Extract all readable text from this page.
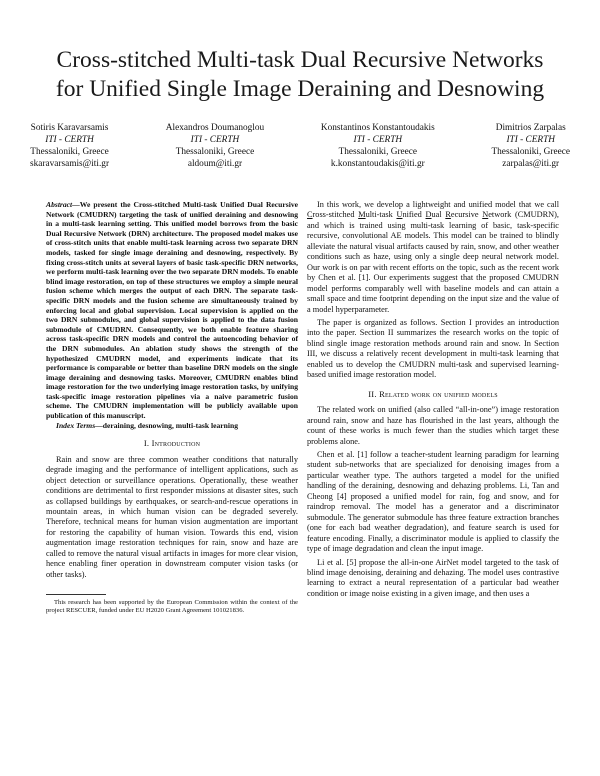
Cross-stitched Multi-task Dual Recursive Networks
for Unified Single Image Deraining and Desnowing
Sotiris Karavarsamis
ITI - CERTH
Thessaloniki, Greece
skaravarsamis@iti.gr
Alexandros Doumanoglou
ITI - CERTH
Thessaloniki, Greece
aldoum@iti.gr
Konstantinos Konstantoudakis
ITI - CERTH
Thessaloniki, Greece
k.konstantoudakis@iti.gr
Dimitrios Zarpalas
ITI - CERTH
Thessaloniki, Greece
zarpalas@iti.gr
Abstract—We present the Cross-stitched Multi-task Unified Dual Recursive Network (CMUDRN) targeting the task of unified deraining and desnowing in a multi-task learning setting. This unified model borrows from the basic Dual Recursive Network (DRN) architecture. The proposed model makes use of cross-stitch units that enable multi-task learning across two separate DRN models, tasked for single image deraining and desnowing, respectively. By fixing cross-stitch units at several layers of basic task-specific DRN networks, we perform multi-task learning over the two separate DRN models. To enable blind image restoration, on top of these structures we employ a simple neural fusion scheme which merges the output of each DRN. The separate task-specific DRN models and the fusion scheme are simultaneously trained by enforcing local and global supervision. Local supervision is applied on the two DRN submodules, and global supervision is applied to the data fusion submodule of CMUDRN. Consequently, we both enable feature sharing across task-specific DRN models and control the autoencoding behavior of the DRN submodules. An ablation study shows the strength of the hypothesized CMUDRN model, and experiments indicate that its performance is comparable or better than baseline DRN models on the single image deraining and desnowing tasks. Moreover, CMUDRN enables blind image restoration for the two underlying image restoration tasks, by unifying task-specific image restoration pipelines via a naive parametric fusion scheme. The CMUDRN implementation will be publicly available upon publication of this manuscript.
Index Terms—deraining, desnowing, multi-task learning
I. Introduction

Rain and snow are three common weather conditions that naturally degrade imaging and the performance of intelligent applications, such as object detection or surveillance operations. Operationally, these weather conditions are detrimental to first responder missions at disaster sites, such as collapsed buildings by earthquakes, or search-and-rescue operations in mountain areas, in which human vision can be degraded severely. Therefore, technical means for human vision augmentation are important for restoring the capability of human vision. Towards this end, vision augmentation image restoration techniques for rain, snow and haze are called to remove the natural visual artifacts in images for more clear vision, hence enabling finer operation in downstream computer vision tasks (or other tasks).

This research has been supported by the European Commission within the context of the project RESCUER, funded under EU H2020 Grant Agreement 101021836.

In this work, we develop a lightweight and unified model that we call Cross-stitched Multi-task Unified Dual Recursive Network (CMUDRN), and which is trained using multi-task learning of basic, task-specific recursive, convolutional AE models. This model can be trained to blindly alleviate the natural visual artifacts caused by rain, snow, and other weather conditions such as haze, using only a single deep neural network model. Our work is on par with recent efforts on the topic, such as the recent work by Chen et al. [1]. Our experiments suggest that the proposed CMUDRN model performs comparably well with baseline models and can attain a small space and time footprint depending on the input size and the value of a model hyperparameter.

The paper is organized as follows. Section I provides an introduction into the paper. Section II summarizes the research works on the topic of blind single image restoration methods around rain and snow. In Section III, we discuss a relatively recent development in multi-task learning that enabled us to develop the CMUDRN multi-task and supervised learning-based unified image restoration model.

II. Related work on unified models

The related work on unified (also called “all-in-one”) image restoration around rain, snow and haze has flourished in the last years, although the count of these works is much fewer than the studies which target these problems alone.

Chen et al. [1] follow a teacher-student learning paradigm for learning student sub-networks that are specialized for denoising images from a particular weather type. The authors targeted a model for the unified handling of the deraining, desnowing and dehazing problems. Li, Tan and Cheong [4] proposed a unified model for rain, fog and snow, and for raindrop removal. The model has a generator and a discriminator submodule. The generator submodule has three feature extraction branches (one for each bad weather degradation), and feature search is used for feature encoding. Finally, a discriminator module is applied to classify the type of image degradation and clean the input image.

Li et al. [5] propose the all-in-one AirNet model targeted to the task of blind image denoising, deraining and dehazing. The model uses contrastive learning to extract a neural representation of a particular bad weather condition or image noise existing in a given image, and then uses a
